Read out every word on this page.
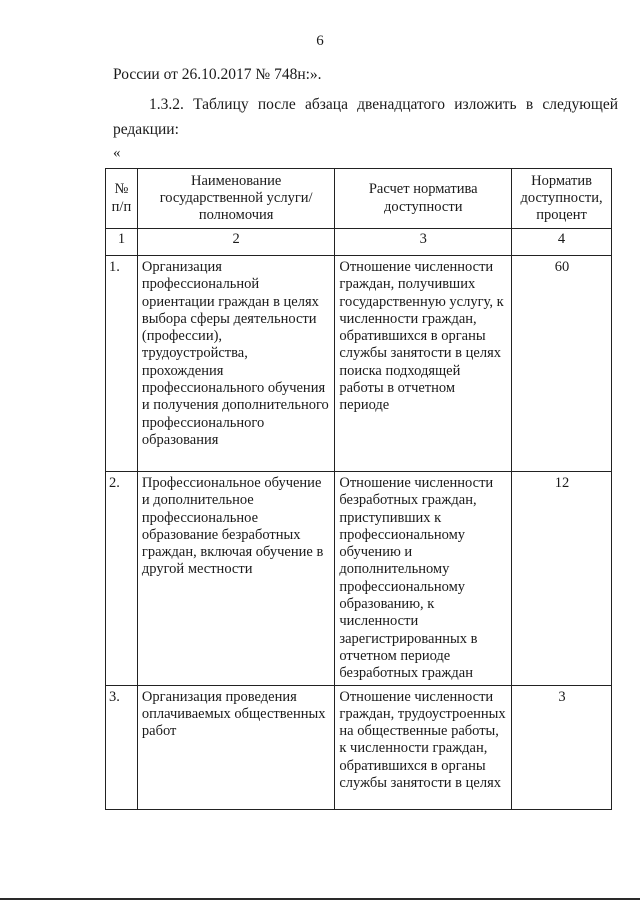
6
России от 26.10.2017 № 748н:».
1.3.2. Таблицу после абзаца двенадцатого изложить в следующей редакции:
«
№ п/п	Наименование государственной услуги/полномочия	Расчет норматива доступности	Норматив доступности, процент
1	2	3	4
1.	Организация профессиональной ориентации граждан в целях выбора сферы деятельности (профессии), трудоустройства, прохождения профессионального обучения и получения дополнительного профессионального образования	Отношение численности граждан, получивших государственную услугу, к численности граждан, обратившихся в органы службы занятости в целях поиска подходящей работы в отчетном периоде	60
2.	Профессиональное обучение и дополнительное профессиональное образование безработных граждан, включая обучение в другой местности	Отношение численности безработных граждан, приступивших к профессиональному обучению и дополнительному профессиональному образованию, к численности зарегистрированных в отчетном периоде безработных граждан	12
3.	Организация проведения оплачиваемых общественных работ	Отношение численности граждан, трудоустроенных на общественные работы, к численности граждан, обратившихся в органы службы занятости в целях	3
